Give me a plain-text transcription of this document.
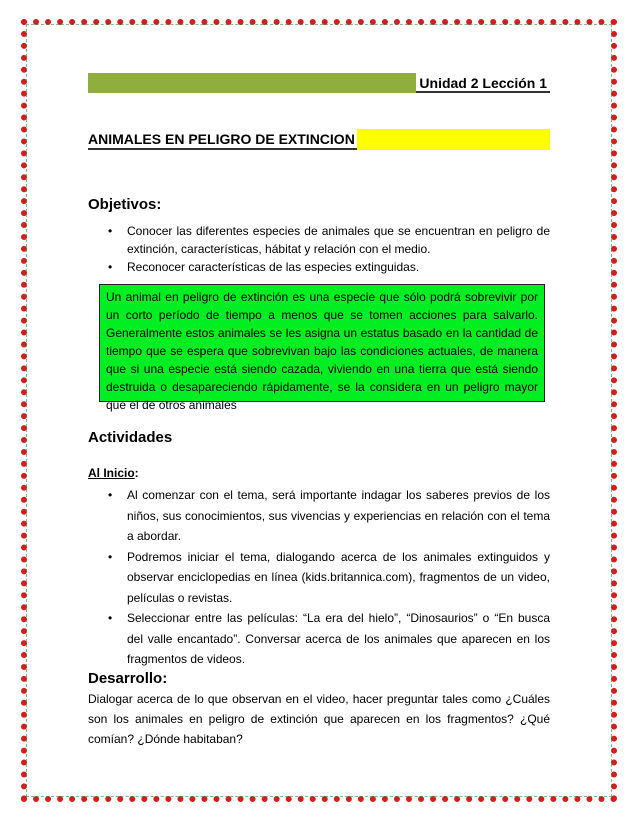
Unidad 2 Lección 1
ANIMALES EN PELIGRO DE EXTINCION
Objetivos:
• Conocer las diferentes especies de animales que se encuentran en peligro de extinción, características, hábitat y relación con el medio.
• Reconocer características de las especies extinguidas.
Un animal en peligro de extinción es una especie que sólo podrá sobrevivir por un corto período de tiempo a menos que se tomen acciones para salvarlo. Generalmente estos animales se les asigna un estatus basado en la cantidad de tiempo que se espera que sobrevivan bajo las condiciones actuales, de manera que si una especie está siendo cazada, viviendo en una tierra que está siendo destruida o desapareciendo rápidamente, se la considera en un peligro mayor que el de otros animales
Actividades
Al Inicio:
• Al comenzar con el tema, será importante indagar los saberes previos de los niños, sus conocimientos, sus vivencias y experiencias en relación con el tema a abordar.
• Podremos iniciar el tema, dialogando acerca de los animales extinguidos y observar enciclopedias en línea (kids.britannica.com), fragmentos de un video, películas o revistas.
• Seleccionar entre las películas: “La era del hielo”, “Dinosaurios” o “En busca del valle encantado”. Conversar acerca de los animales que aparecen en los fragmentos de videos.
Desarrollo:
Dialogar acerca de lo que observan en el video, hacer preguntar tales como ¿Cuáles son los animales en peligro de extinción que aparecen en los fragmentos? ¿Qué comían? ¿Dónde habitaban?
